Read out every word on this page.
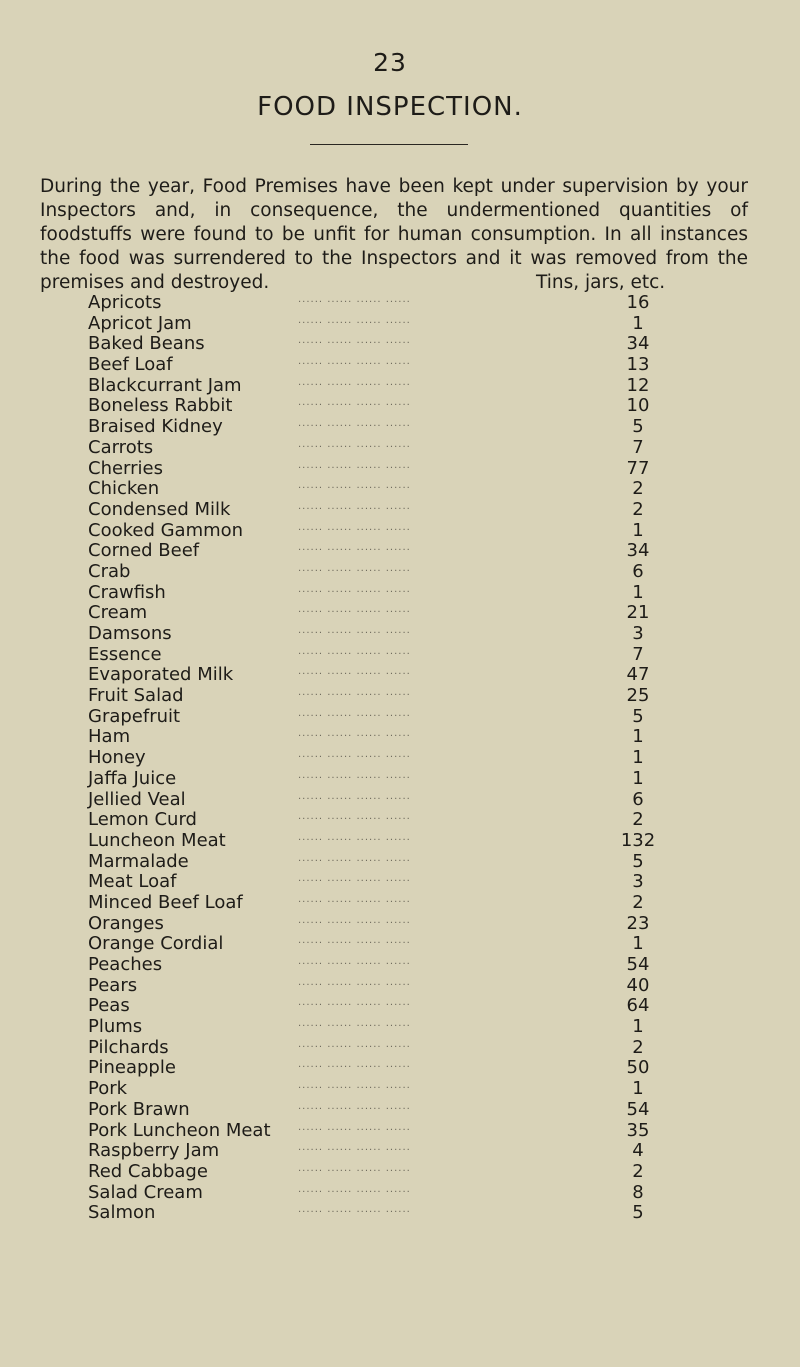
23
FOOD INSPECTION.

During the year, Food Premises have been kept under supervision by your Inspectors and, in consequence, the undermentioned quantities of foodstuffs were found to be unfit for human consumption. In all instances the food was surrendered to the Inspectors and it was removed from the premises and destroyed.	Tins, jars, etc.
Apricots	...... ...... ...... ......	16
Apricot Jam	...... ...... ...... ......	1
Baked Beans	...... ...... ...... ......	34
Beef Loaf	...... ...... ...... ......	13
Blackcurrant Jam	...... ...... ...... ......	12
Boneless Rabbit	...... ...... ...... ......	10
Braised Kidney	...... ...... ...... ......	5
Carrots	...... ...... ...... ......	7
Cherries	...... ...... ...... ......	77
Chicken	...... ...... ...... ......	2
Condensed Milk	...... ...... ...... ......	2
Cooked Gammon	...... ...... ...... ......	1
Corned Beef	...... ...... ...... ......	34
Crab	...... ...... ...... ......	6
Crawfish	...... ...... ...... ......	1
Cream	...... ...... ...... ......	21
Damsons	...... ...... ...... ......	3
Essence	...... ...... ...... ......	7
Evaporated Milk	...... ...... ...... ......	47
Fruit Salad	...... ...... ...... ......	25
Grapefruit	...... ...... ...... ......	5
Ham	...... ...... ...... ......	1
Honey	...... ...... ...... ......	1
Jaffa Juice	...... ...... ...... ......	1
Jellied Veal	...... ...... ...... ......	6
Lemon Curd	...... ...... ...... ......	2
Luncheon Meat	...... ...... ...... ......	132
Marmalade	...... ...... ...... ......	5
Meat Loaf	...... ...... ...... ......	3
Minced Beef Loaf	...... ...... ...... ......	2
Oranges	...... ...... ...... ......	23
Orange Cordial	...... ...... ...... ......	1
Peaches	...... ...... ...... ......	54
Pears	...... ...... ...... ......	40
Peas	...... ...... ...... ......	64
Plums	...... ...... ...... ......	1
Pilchards	...... ...... ...... ......	2
Pineapple	...... ...... ...... ......	50
Pork	...... ...... ...... ......	1
Pork Brawn	...... ...... ...... ......	54
Pork Luncheon Meat	...... ...... ...... ......	35
Raspberry Jam	...... ...... ...... ......	4
Red Cabbage	...... ...... ...... ......	2
Salad Cream	...... ...... ...... ......	8
Salmon	...... ...... ...... ......	5
